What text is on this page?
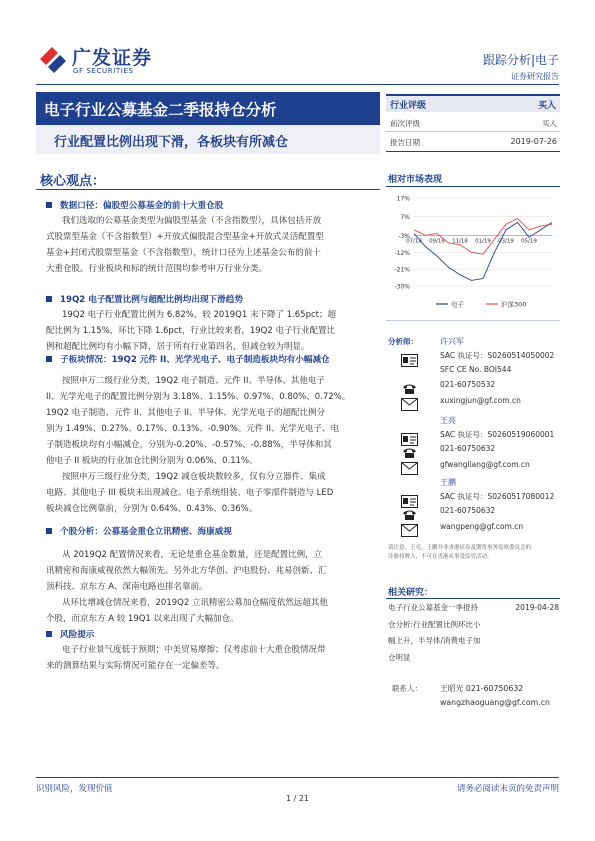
广发证券
GF SECURITIES
跟踪分析|电子
证券研究报告
电子行业公募基金二季报持仓分析
行业配置比例出现下滑，各板块有所减仓
行业评级	买入
前次评级	买入
报告日期	2019-07-26
核心观点：
数据口径：偏股型公募基金的前十大重仓股
我们选取的公募基金类型为偏股型基金（不含指数型），具体包括开放
式股票型基金（不含指数型）+开放式偏股混合型基金+开放式灵活配置型
基金+封闭式股票型基金（不含指数型），统计口径为上述基金公布的前十
大重仓股。行业板块和标的统计范围均参考申万行业分类。
19Q2 电子配置比例与超配比例均出现下滑趋势
19Q2 电子行业配置比例为 6.82%，较 2019Q1 末下降了 1.65pct；超
配比例为 1.15%，环比下降 1.6pct，行业比较来看，19Q2 电子行业配置比
例和超配比例均有小幅下降，居于所有行业第四名，但减仓较为明显。
子板块情况：19Q2 元件 II、光学光电子、电子制造板块均有小幅减仓
按照申万二级行业分类，19Q2 电子制造、元件 II、半导体、其他电子
II、光学光电子的配置比例分别为 3.18%、1.15%、0.97%、0.80%、0.72%。
19Q2 电子制造、元件 II、其他电子 II、半导体、光学光电子的超配比例分
别为 1.49%、0.27%、0.17%、0.13%、-0.90%。元件 II、光学光电子、电
子制造板块均有小幅减仓，分别为-0.20%、-0.57%、-0.88%，半导体和其
他电子 II 板块的行业加仓比例分别为 0.06%、0.11%。
按照申万三级行业分类，19Q2 减仓板块数较多，仅有分立器件、集成
电路、其他电子 III 板块未出现减仓。电子系统组装、电子零部件制造与 LED
板块减仓比例靠前，分别为 0.64%、0.43%、0.36%。
个股分析：公募基金重仓立讯精密、海康威视
从 2019Q2 配置情况来看，无论是重仓基金数量，还是配置比例，立
讯精密和海康威视依然大幅领先。另外北方华创、沪电股份、兆易创新、汇
顶科技、京东方 A、深南电路也排名靠前。
从环比增减仓情况来看，2019Q2 立讯精密公募加仓幅度依然远超其他
个股，而京东方 A 较 19Q1 以来出现了大幅加仓。
风险提示
电子行业景气度低于预期；中美贸易摩擦；仅考虑前十大重仓股情况带
来的测算结果与实际情况可能存在一定偏差等。
相对市场表现
17%
7%
-3%
-12%
-21%
-30%
07/18 09/18 11/18 01/19 03/19 05/19
电子	沪深300
分析师：	许兴军
SAC 执证号：S0260514050002
SFC CE No. BOI544
021-60750532
xuxingjun@gf.com.cn
王亮
SAC 执证号：S0260519060001
021-60750632
gfwangliang@gf.com.cn
王鹏
SAC 执证号：S0260517080012
021-60750632
wangpeng@gf.com.cn
请注意，王亮、王鹏并非香港证券及期货事务监察委员会的
注册持牌人，不可在香港从事受监管活动。
相关研究：
电子行业公募基金一季报持
仓分析:行业配置比例环比小
幅上升，半导体/消费电子加
仓明显
2019-04-28
联系人： 王昭光 021-60750632
wangzhaoguang@gf.com.cn
识别风险，发现价值	请务必阅读末页的免责声明
1 / 21
